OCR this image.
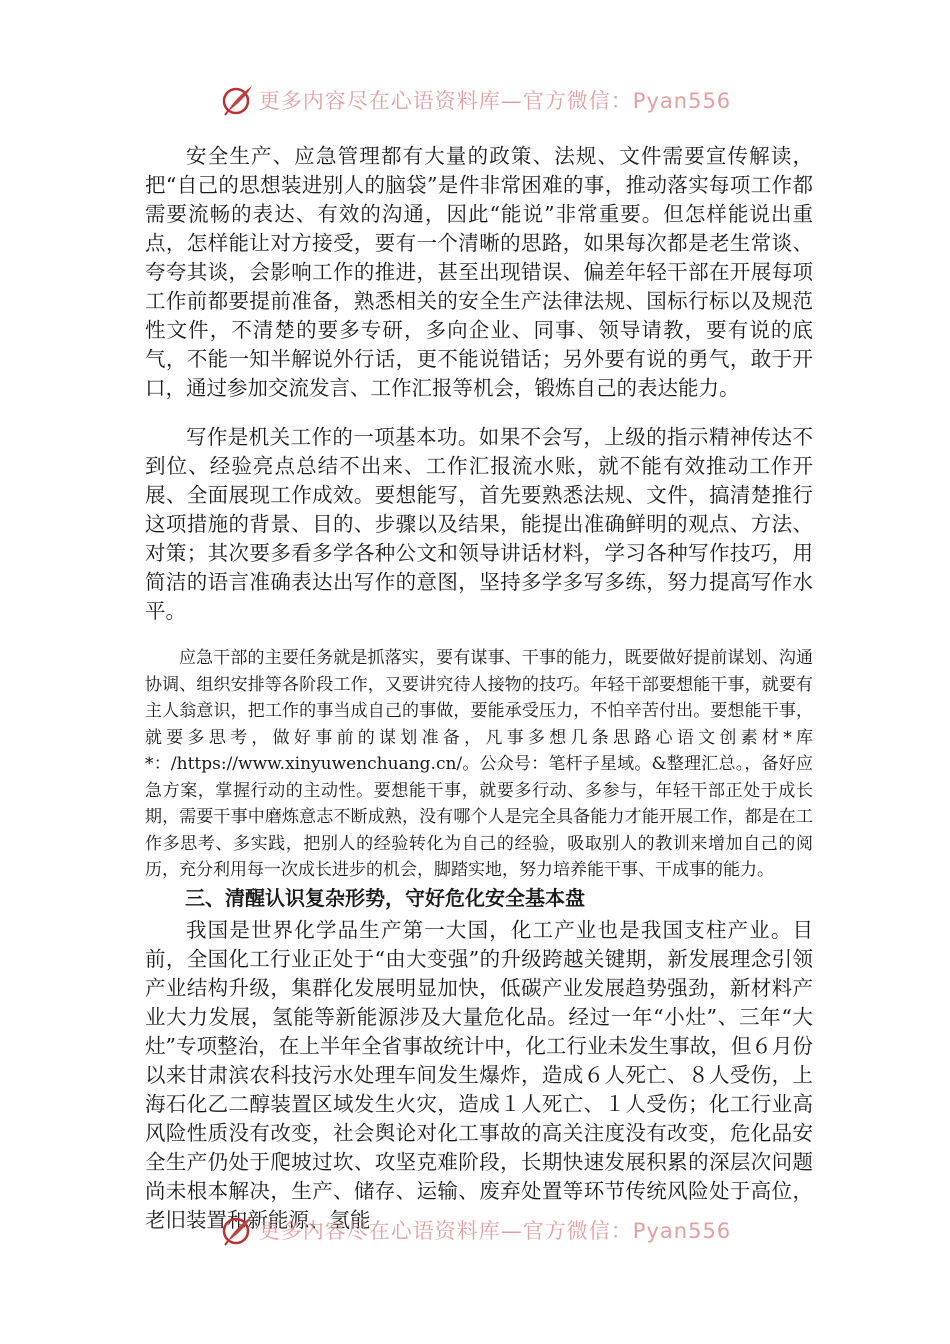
更多内容尽在心语资料库—官方微信：Pyan556

安全生产、应急管理都有大量的政策、法规、文件需要宣传解读，把“自己的思想装进别人的脑袋”是件非常困难的事，推动落实每项工作都需要流畅的表达、有效的沟通，因此“能说”非常重要。但怎样能说出重点，怎样能让对方接受，要有一个清晰的思路，如果每次都是老生常谈、夸夸其谈，会影响工作的推进，甚至出现错误、偏差年轻干部在开展每项工作前都要提前准备，熟悉相关的安全生产法律法规、国标行标以及规范性文件，不清楚的要多专研，多向企业、同事、领导请教，要有说的底气，不能一知半解说外行话，更不能说错话；另外要有说的勇气，敢于开口，通过参加交流发言、工作汇报等机会，锻炼自己的表达能力。

写作是机关工作的一项基本功。如果不会写，上级的指示精神传达不到位、经验亮点总结不出来、工作汇报流水账，就不能有效推动工作开展、全面展现工作成效。要想能写，首先要熟悉法规、文件，搞清楚推行这项措施的背景、目的、步骤以及结果，能提出准确鲜明的观点、方法、对策；其次要多看多学各种公文和领导讲话材料，学习各种写作技巧，用简洁的语言准确表达出写作的意图，坚持多学多写多练，努力提高写作水平。

应急干部的主要任务就是抓落实，要有谋事、干事的能力，既要做好提前谋划、沟通协调、组织安排等各阶段工作，又要讲究待人接物的技巧。年轻干部要想能干事，就要有主人翁意识，把工作的事当成自己的事做，要能承受压力，不怕辛苦付出。要想能干事，就要多思考，做好事前的谋划准备，凡事多想几条思路心语文创素材*库*：/https://www.xinyuwenchuang.cn/。公众号：笔杆子星域。&整理汇总。，备好应急方案，掌握行动的主动性。要想能干事，就要多行动、多参与，年轻干部正处于成长期，需要干事中磨炼意志不断成熟，没有哪个人是完全具备能力才能开展工作，都是在工作多思考、多实践，把别人的经验转化为自己的经验，吸取别人的教训来增加自己的阅历，充分利用每一次成长进步的机会，脚踏实地，努力培养能干事、干成事的能力。

三、清醒认识复杂形势，守好危化安全基本盘

我国是世界化学品生产第一大国，化工产业也是我国支柱产业。目前，全国化工行业正处于“由大变强”的升级跨越关键期，新发展理念引领产业结构升级，集群化发展明显加快，低碳产业发展趋势强劲，新材料产业大力发展，氢能等新能源涉及大量危化品。经过一年“小灶”、三年“大灶”专项整治，在上半年全省事故统计中，化工行业未发生事故，但６月份以来甘肃滨农科技污水处理车间发生爆炸，造成６人死亡、８人受伤，上海石化乙二醇装置区域发生火灾，造成１人死亡、１人受伤；化工行业高风险性质没有改变，社会舆论对化工事故的高关注度没有改变，危化品安全生产仍处于爬坡过坎、攻坚克难阶段，长期快速发展积累的深层次问题尚未根本解决，生产、储存、运输、废弃处置等环节传统风险处于高位，老旧装置和新能源、氢能

更多内容尽在心语资料库—官方微信：Pyan556
